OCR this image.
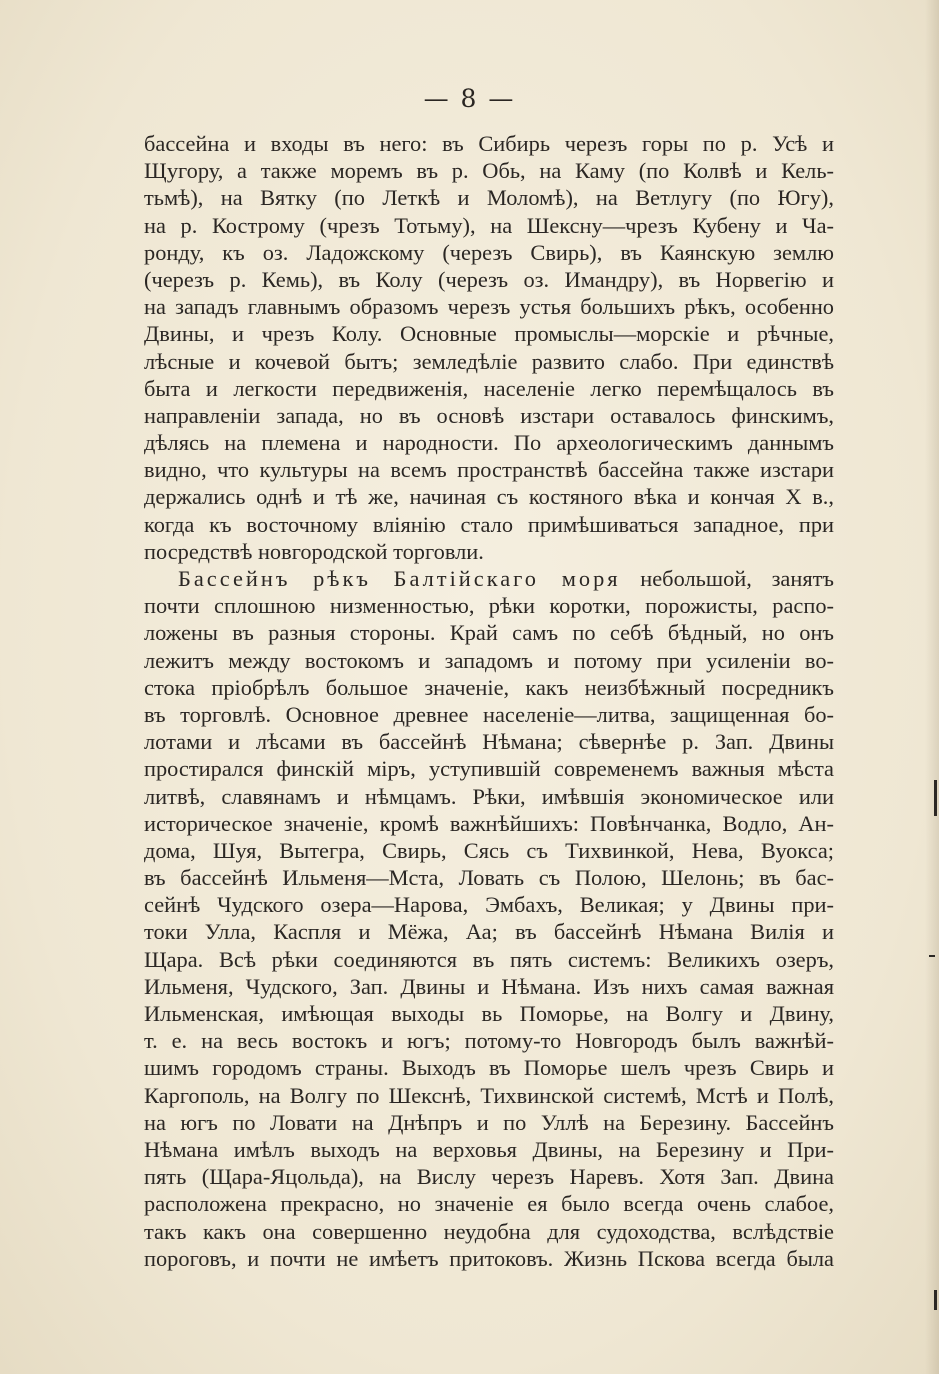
— 8 —
бассейна и входы въ него: въ Сибирь черезъ горы по р. Усѣ и
Щугору, а также моремъ въ р. Обь, на Каму (по Колвѣ и Кель-
тьмѣ), на Вятку (по Леткѣ и Моломѣ), на Ветлугу (по Югу),
на р. Кострому (чрезъ Тотьму), на Шексну—чрезъ Кубену и Ча-
ронду, къ оз. Ладожскому (черезъ Свирь), въ Каянскую землю
(черезъ р. Кемь), въ Колу (черезъ оз. Имандру), въ Норвегію и
на западъ главнымъ образомъ черезъ устья большихъ рѣкъ, особенно
Двины, и чрезъ Колу. Основные промыслы—морскіе и рѣчные,
лѣсные и кочевой бытъ; земледѣліе развито слабо. При единствѣ
быта и легкости передвиженія, населеніе легко перемѣщалось въ
направленіи запада, но въ основѣ изстари оставалось финскимъ,
дѣлясь на племена и народности. По археологическимъ даннымъ
видно, что культуры на всемъ пространствѣ бассейна также изстари
держались однѣ и тѣ же, начиная съ костяного вѣка и кончая X в.,
когда къ восточному вліянію стало примѣшиваться западное, при
посредствѣ новгородской торговли.
Бассейнъ рѣкъ Балтійскаго моря небольшой, занятъ
почти сплошною низменностью, рѣки коротки, порожисты, распо-
ложены въ разныя стороны. Край самъ по себѣ бѣдный, но онъ
лежитъ между востокомъ и западомъ и потому при усиленіи во-
стока пріобрѣлъ большое значеніе, какъ неизбѣжный посредникъ
въ торговлѣ. Основное древнее населеніе—литва, защищенная бо-
лотами и лѣсами въ бассейнѣ Нѣмана; сѣвернѣе р. Зап. Двины
простирался финскій міръ, уступившій современемъ важныя мѣста
литвѣ, славянамъ и нѣмцамъ. Рѣки, имѣвшія экономическое или
историческое значеніе, кромѣ важнѣйшихъ: Повѣнчанка, Водло, Ан-
дома, Шуя, Вытегра, Свирь, Сясь съ Тихвинкой, Нева, Вуокса;
въ бассейнѣ Ильменя—Мста, Ловать съ Полою, Шелонь; въ бас-
сейнѣ Чудского озера—Нарова, Эмбахъ, Великая; у Двины при-
токи Улла, Каспля и Мёжа, Аа; въ бассейнѣ Нѣмана Вилія и
Щара. Всѣ рѣки соединяются въ пять системъ: Великихъ озеръ,
Ильменя, Чудского, Зап. Двины и Нѣмана. Изъ нихъ самая важная
Ильменская, имѣющая выходы вь Поморье, на Волгу и Двину,
т. е. на весь востокъ и югъ; потому-то Новгородъ былъ важнѣй-
шимъ городомъ страны. Выходъ въ Поморье шелъ чрезъ Свирь и
Каргополь, на Волгу по Шекснѣ, Тихвинской системѣ, Мстѣ и Полѣ,
на югъ по Ловати на Днѣпръ и по Уллѣ на Березину. Бассейнъ
Нѣмана имѣлъ выходъ на верховья Двины, на Березину и При-
пять (Щара-Яцольда), на Вислу черезъ Наревъ. Хотя Зап. Двина
расположена прекрасно, но значеніе ея было всегда очень слабое,
такъ какъ она совершенно неудобна для судоходства, вслѣдствіе
пороговъ, и почти не имѣетъ притоковъ. Жизнь Пскова всегда была
